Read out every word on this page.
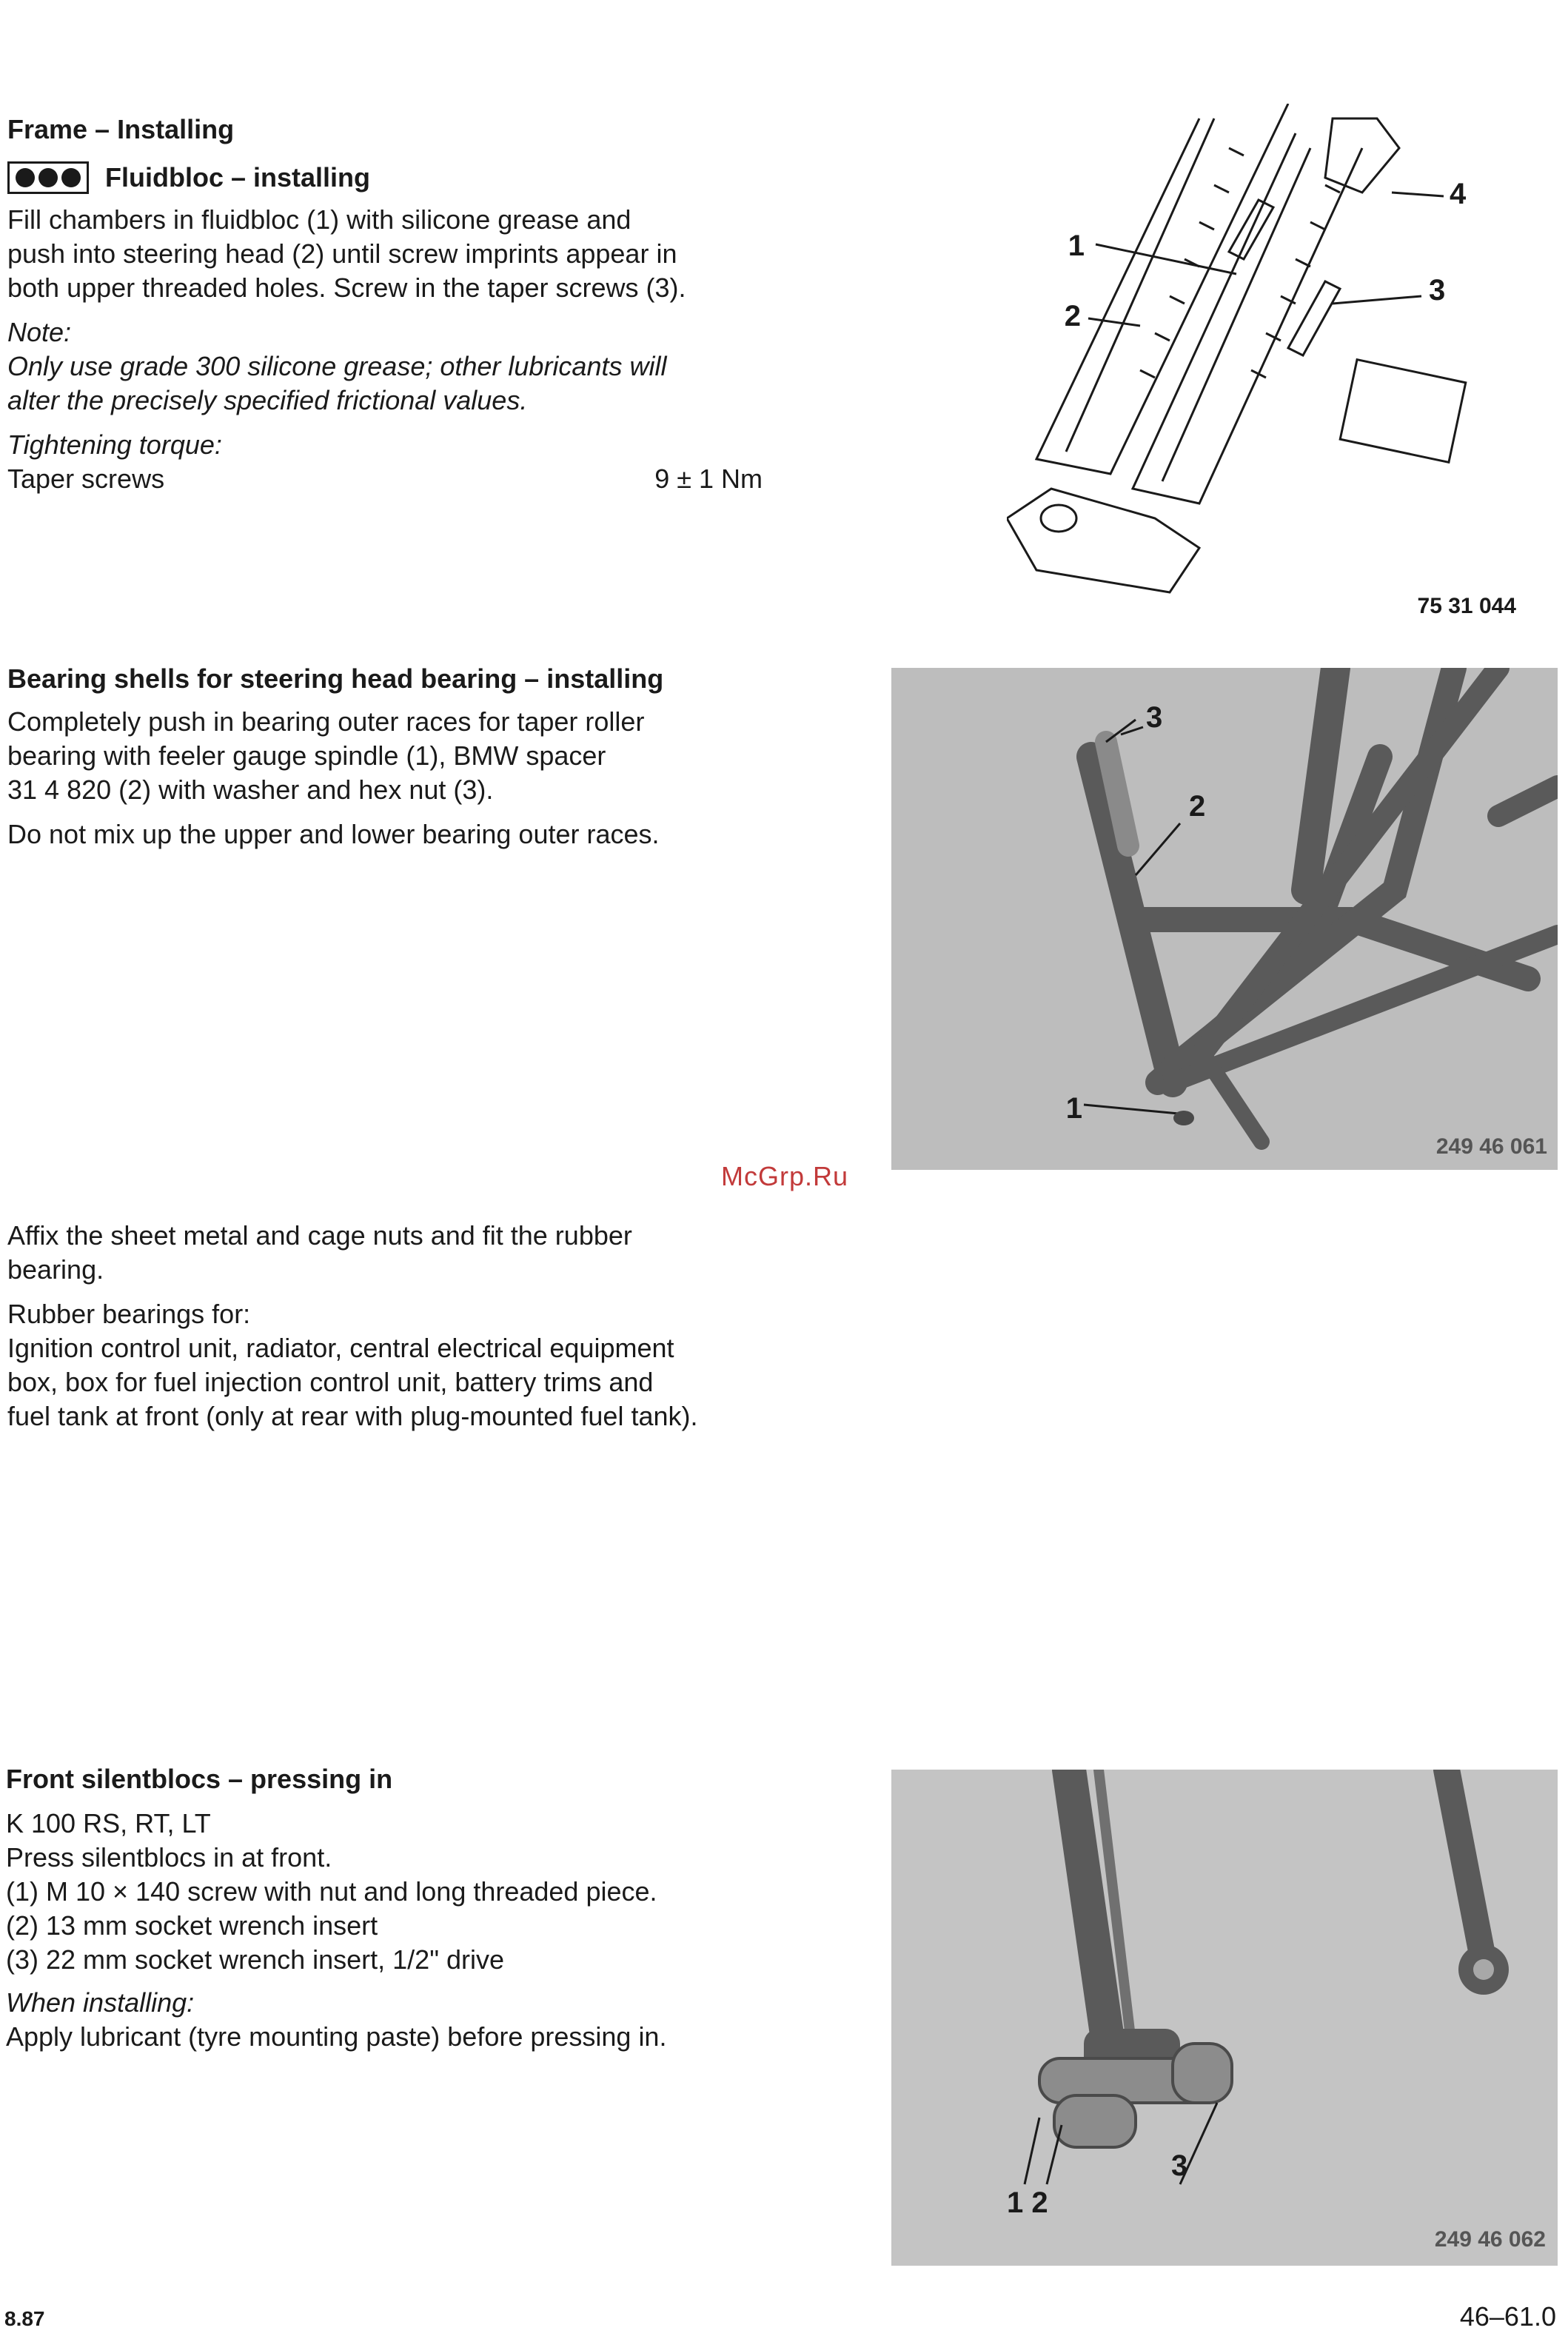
Frame – Installing

Fluidbloc – installing

Fill chambers in fluidbloc (1) with silicone grease and

push into steering head (2) until screw imprints appear in

both upper threaded holes. Screw in the taper screws (3).

Note:

Only use grade 300 silicone grease; other lubricants will

alter the precisely specified frictional values.

Tightening torque:

Taper screws	9 ± 1 Nm
2
1
3
4
75 31 044

Bearing shells for steering head bearing – installing

Completely push in bearing outer races for taper roller

bearing with feeler gauge spindle (1), BMW spacer

31 4 820 (2) with washer and hex nut (3).

Do not mix up the upper and lower bearing outer races.

1
2
3
249 46 061
McGrp.Ru

Affix the sheet metal and cage nuts and fit the rubber

bearing.

Rubber bearings for:

Ignition control unit, radiator, central electrical equipment

box, box for fuel injection control unit, battery trims and

fuel tank at front (only at rear with plug-mounted fuel tank).

Front silentblocs – pressing in

K 100 RS, RT, LT

Press silentblocs in at front.

(1) M 10 × 140 screw with nut and long threaded piece.

(2) 13 mm socket wrench insert

(3) 22 mm socket wrench insert, 1/2" drive

When installing:

Apply lubricant (tyre mounting paste) before pressing in.

1 2
3
249 46 062
8.87	46–61.0
